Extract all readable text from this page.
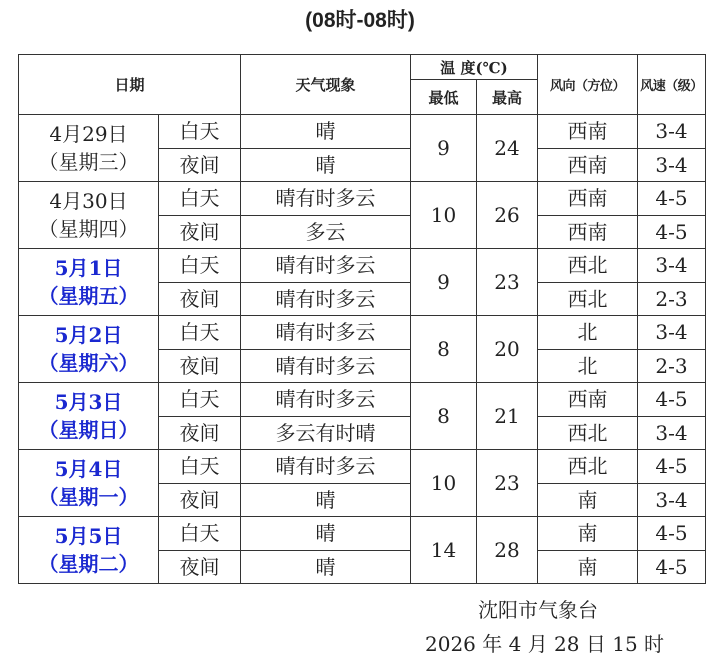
(08时-08时)
日期		天气现象	温 度(℃)		风向（方位）	风速（级）
			最低	最高		

4月29日
（星期三）	白天	晴	9	24	西南	3-4
	夜间	晴			西南	3-4

4月30日
（星期四）	白天	晴有时多云	10	26	西南	4-5
	夜间	多云			西南	4-5

5月1日
（星期五）	白天	晴有时多云	9	23	西北	3-4
	夜间	晴有时多云			西北	2-3

5月2日
（星期六）	白天	晴有时多云	8	20	北	3-4
	夜间	晴有时多云			北	2-3

5月3日
（星期日）	白天	晴有时多云	8	21	西南	4-5
	夜间	多云有时晴			西北	3-4

5月4日
（星期一）	白天	晴有时多云	10	23	西北	4-5
	夜间	晴			南	3-4

5月5日
（星期二）	白天	晴	14	28	南	4-5
	夜间	晴			南	4-5
沈阳市气象台
2026 年 4 月 28 日 15 时
